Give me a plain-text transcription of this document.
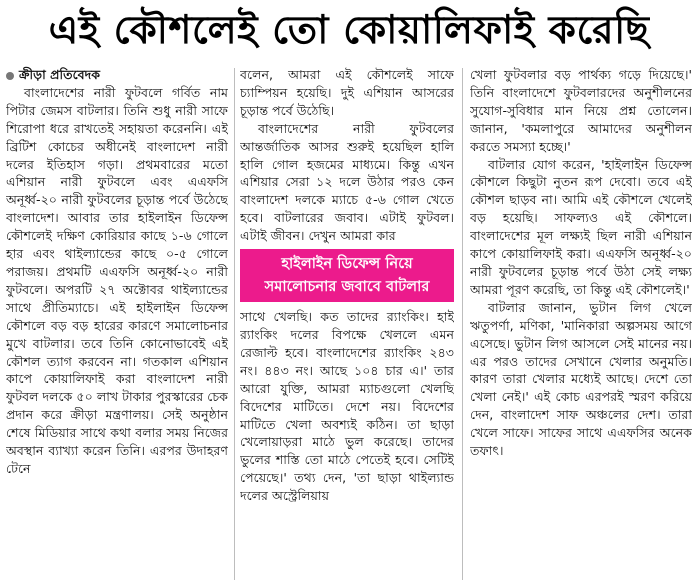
এই কৌশলেই তো কোয়ালিফাই করেছি
ক্রীড়া প্রতিবেদক

বাংলাদেশের নারী ফুটবলে গর্বিত নাম পিটার জেমস বাটলার। তিনি শুধু নারী সাফে শিরোপা ধরে রাখতেই সহায়তা করেননি। এই ব্রিটিশ কোচের অধীনেই বাংলাদেশ নারী দলের ইতিহাস গড়া। প্রথমবারের মতো এশিয়ান নারী ফুটবলে এবং এএফসি অনূর্ধ্ব-২০ নারী ফুটবলের চূড়ান্ত পর্বে উঠেছে বাংলাদেশ। আবার তার হাইলাইন ডিফেন্স কৌশলেই দক্ষিণ কোরিয়ার কাছে ১-৬ গোলে হার এবং থাইল্যান্ডের কাছে ০-৫ গোলে পরাজয়। প্রথমটি এএফসি অনূর্ধ্ব-২০ নারী ফুটবলে। অপরটি ২৭ অক্টোবর থাইল্যান্ডের সাথে প্রীতিম্যাচে। এই হাইলাইন ডিফেন্স কৌশলে বড় বড় হারের কারণে সমালোচনার মুখে বাটলার। তবে তিনি কোনোভাবেই এই কৌশল ত্যাগ করবেন না। গতকাল এশিয়ান কাপে কোয়ালিফাই করা বাংলাদেশ নারী ফুটবল দলকে ৫০ লাখ টাকার পুরস্কারের চেক প্রদান করে ক্রীড়া মন্ত্রণালয়। সেই অনুষ্ঠান শেষে মিডিয়ার সাথে কথা বলার সময় নিজের অবস্থান ব্যাখ্যা করেন তিনি। এরপর উদাহরণ টেনে

বলেন, আমরা এই কৌশলেই সাফে চ্যাম্পিয়ন হয়েছি। দুই এশিয়ান আসরের চূড়ান্ত পর্বে উঠেছি।

বাংলাদেশের নারী ফুটবলের আন্তর্জাতিক আসর শুরুই হয়েছিল হালি হালি গোল হজমের মাধ্যমে। কিন্তু এখন এশিয়ার সেরা ১২ দলে উঠার পরও কেন বাংলাদেশ দলকে ম্যাচে ৫-৬ গোল খেতে হবে। বাটলারের জবাব। এটাই ফুটবল। এটাই জীবন। দেখুন আমরা কার

হাইলাইন ডিফেন্স নিয়ে
সমালোচনার জবাবে বাটলার

সাথে খেলছি। কত তাদের র‍্যাংকিং। হাই র‍্যাংকিং দলের বিপক্ষে খেললে এমন রেজাল্ট হবে। বাংলাদেশের র‍্যাংকিং ২৪৩ নং। ৪৪৩ নং। আছে ১০৪ চার এ।' তার আরো যুক্তি, আমরা ম্যাচগুলো খেলছি বিদেশের মাটিতে। দেশে নয়। বিদেশের মাটিতে খেলা অবশ্যই কঠিন। তা ছাড়া খেলোয়াড়রা মাঠে ভুল করেছে। তাদের ভুলের শাস্তি তো মাঠে পেতেই হবে। সেটিই পেয়েছে।' তথ্য দেন, 'তা ছাড়া থাইল্যান্ড দলের অস্ট্রেলিয়ায়

খেলা ফুটবলার বড় পার্থক্য গড়ে দিয়েছে।' তিনি বাংলাদেশে ফুটবলারদের অনুশীলনের সুযোগ-সুবিধার মান নিয়ে প্রশ্ন তোলেন। জানান, 'কমলাপুরে আমাদের অনুশীলন করতে সমস্যা হচ্ছে।'

বাটলার যোগ করেন, 'হাইলাইন ডিফেন্স কৌশলে কিছুটা নুতন রূপ দেবো। তবে এই কৌশল ছাড়ব না। আমি এই কৌশলে খেলেই বড় হয়েছি। সাফল্যও এই কৌশলে। বাংলাদেশের মূল লক্ষ্যই ছিল নারী এশিয়ান কাপে কোয়ালিফাই করা। এএফসি অনূর্ধ্ব-২০ নারী ফুটবলের চূড়ান্ত পর্বে উঠা সেই লক্ষ্য আমরা পূরণ করেছি, তা কিন্তু এই কৌশলেই।'

বাটলার জানান, ভুটান লিগ খেলে ঋতুপর্ণা, মণিকা, 'মানিকারা অল্পসময় আগে এসেছে। ভুটান লিগ আসলে সেই মানের নয়। এর পরও তাদের সেখানে খেলার অনুমতি। কারণ তারা খেলার মধ্যেই আছে। দেশে তো খেলা নেই।' এই কোচ এরপরই স্মরণ করিয়ে দেন, বাংলাদেশ সাফ অঞ্চলের দেশ। তারা খেলে সাফে। সাফের সাথে এএফসির অনেক তফাৎ।
